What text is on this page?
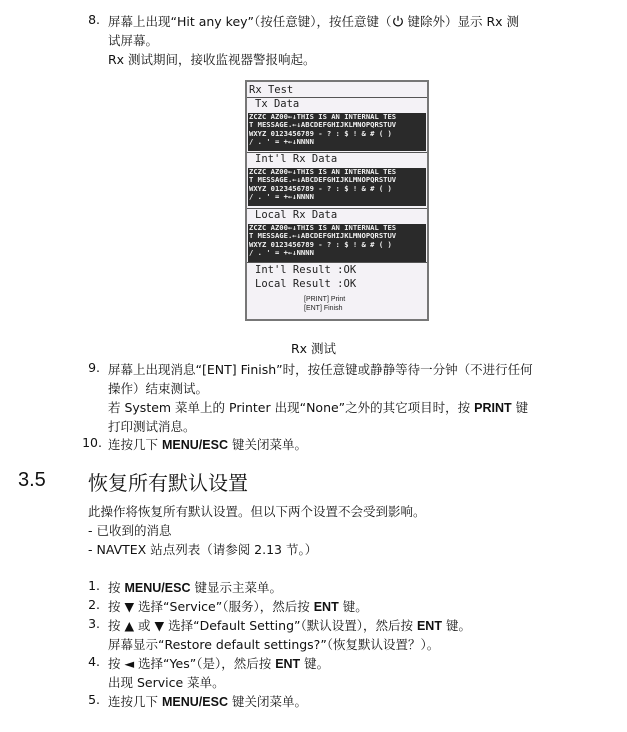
8. 屏幕上出现“Hit any key”（按任意键），按任意键（ 键除外）显示 Rx 测
试屏幕。
Rx 测试期间，接收监视器警报响起。
Rx Test
Tx Data
ZCZC AZ00←↓THIS IS AN INTERNAL TES
T MESSAGE.←↓ABCDEFGHIJKLMNOPQRSTUV
WXYZ 0123456789 - ? : $ ! & # ( )
/ . ' = +←↓NNNN
Int'l Rx Data
ZCZC AZ00←↓THIS IS AN INTERNAL TES
T MESSAGE.←↓ABCDEFGHIJKLMNOPQRSTUV
WXYZ 0123456789 - ? : $ ! & # ( )
/ . ' = +←↓NNNN
Local Rx Data
ZCZC AZ00←↓THIS IS AN INTERNAL TES
T MESSAGE.←↓ABCDEFGHIJKLMNOPQRSTUV
WXYZ 0123456789 - ? : $ ! & # ( )
/ . ' = +←↓NNNN
Int'l Result :OK
Local Result :OK
[PRINT] Print
[ENT] Finish
Rx 测试
9. 屏幕上出现消息“[ENT] Finish”时，按任意键或静静等待一分钟（不进行任何
操作）结束测试。
若 System 菜单上的 Printer 出现“None”之外的其它项目时，按 PRINT 键
打印测试消息。
10. 连按几下 MENU/ESC 键关闭菜单。
3.5 恢复所有默认设置
此操作将恢复所有默认设置。但以下两个设置不会受到影响。
- 已收到的消息
- NAVTEX 站点列表（请参阅 2.13 节。）
1. 按 MENU/ESC 键显示主菜单。
2. 按 ▼ 选择“Service”（服务），然后按 ENT 键。
3. 按 ▲ 或 ▼ 选择“Default Setting”（默认设置），然后按 ENT 键。
屏幕显示“Restore default settings?”（恢复默认设置？）。
4. 按 ◄ 选择“Yes”（是），然后按 ENT 键。
出现 Service 菜单。
5. 连按几下 MENU/ESC 键关闭菜单。
